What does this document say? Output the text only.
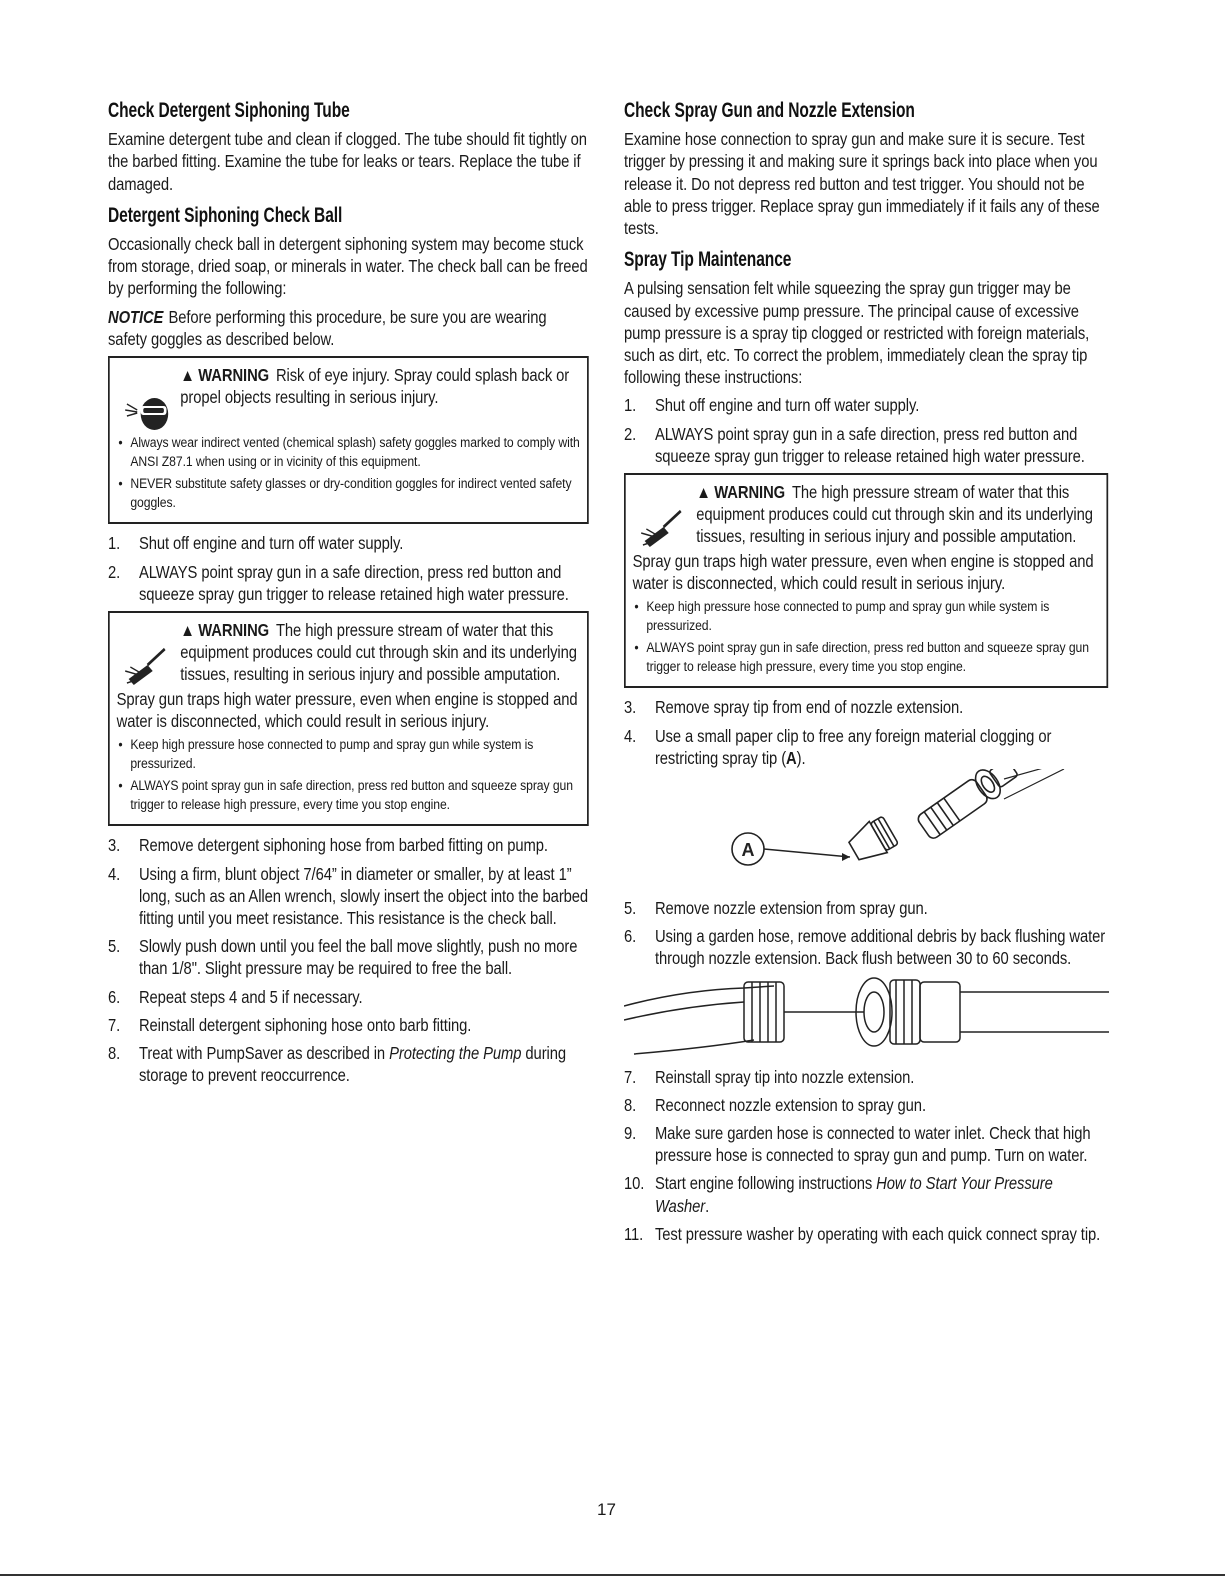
Check Detergent Siphoning Tube

Examine detergent tube and clean if clogged. The tube should fit tightly on the barbed fitting. Examine the tube for leaks or tears. Replace the tube if damaged.

Detergent Siphoning Check Ball

Occasionally check ball in detergent siphoning system may become stuck from storage, dried soap, or minerals in water. The check ball can be freed by performing the following:

NOTICE Before performing this procedure, be sure you are wearing safety goggles as described below.

▲ WARNING Risk of eye injury. Spray could splash back or propel objects resulting in serious injury.
• Always wear indirect vented (chemical splash) safety goggles marked to comply with ANSI Z87.1 when using or in vicinity of this equipment.
• NEVER substitute safety glasses or dry-condition goggles for indirect vented safety goggles.
1. Shut off engine and turn off water supply.
2. ALWAYS point spray gun in a safe direction, press red button and squeeze spray gun trigger to release retained high water pressure.
▲ WARNING The high pressure stream of water that this equipment produces could cut through skin and its underlying tissues, resulting in serious injury and possible amputation.
Spray gun traps high water pressure, even when engine is stopped and water is disconnected, which could result in serious injury.
• Keep high pressure hose connected to pump and spray gun while system is pressurized.
• ALWAYS point spray gun in safe direction, press red button and squeeze spray gun trigger to release high pressure, every time you stop engine.
3. Remove detergent siphoning hose from barbed fitting on pump.
4. Using a firm, blunt object 7/64” in diameter or smaller, by at least 1” long, such as an Allen wrench, slowly insert the object into the barbed fitting until you meet resistance. This resistance is the check ball.
5. Slowly push down until you feel the ball move slightly, push no more than 1/8". Slight pressure may be required to free the ball.
6. Repeat steps 4 and 5 if necessary.
7. Reinstall detergent siphoning hose onto barb fitting.
8. Treat with PumpSaver as described in Protecting the Pump during storage to prevent reoccurrence.
Check Spray Gun and Nozzle Extension

Examine hose connection to spray gun and make sure it is secure. Test trigger by pressing it and making sure it springs back into place when you release it. Do not depress red button and test trigger. You should not be able to press trigger. Replace spray gun immediately if it fails any of these tests.

Spray Tip Maintenance

A pulsing sensation felt while squeezing the spray gun trigger may be caused by excessive pump pressure. The principal cause of excessive pump pressure is a spray tip clogged or restricted with foreign materials, such as dirt, etc. To correct the problem, immediately clean the spray tip following these instructions:

1. Shut off engine and turn off water supply.
2. ALWAYS point spray gun in a safe direction, press red button and squeeze spray gun trigger to release retained high water pressure.
▲ WARNING The high pressure stream of water that this equipment produces could cut through skin and its underlying tissues, resulting in serious injury and possible amputation.
Spray gun traps high water pressure, even when engine is stopped and water is disconnected, which could result in serious injury.
• Keep high pressure hose connected to pump and spray gun while system is pressurized.
• ALWAYS point spray gun in safe direction, press red button and squeeze spray gun trigger to release high pressure, every time you stop engine.
3. Remove spray tip from end of nozzle extension.
4. Use a small paper clip to free any foreign material clogging or restricting spray tip (A).
A
5. Remove nozzle extension from spray gun.
6. Using a garden hose, remove additional debris by back flushing water through nozzle extension. Back flush between 30 to 60 seconds.
7. Reinstall spray tip into nozzle extension.
8. Reconnect nozzle extension to spray gun.
9. Make sure garden hose is connected to water inlet. Check that high pressure hose is connected to spray gun and pump. Turn on water.
10. Start engine following instructions How to Start Your Pressure Washer.
11. Test pressure washer by operating with each quick connect spray tip.
17
